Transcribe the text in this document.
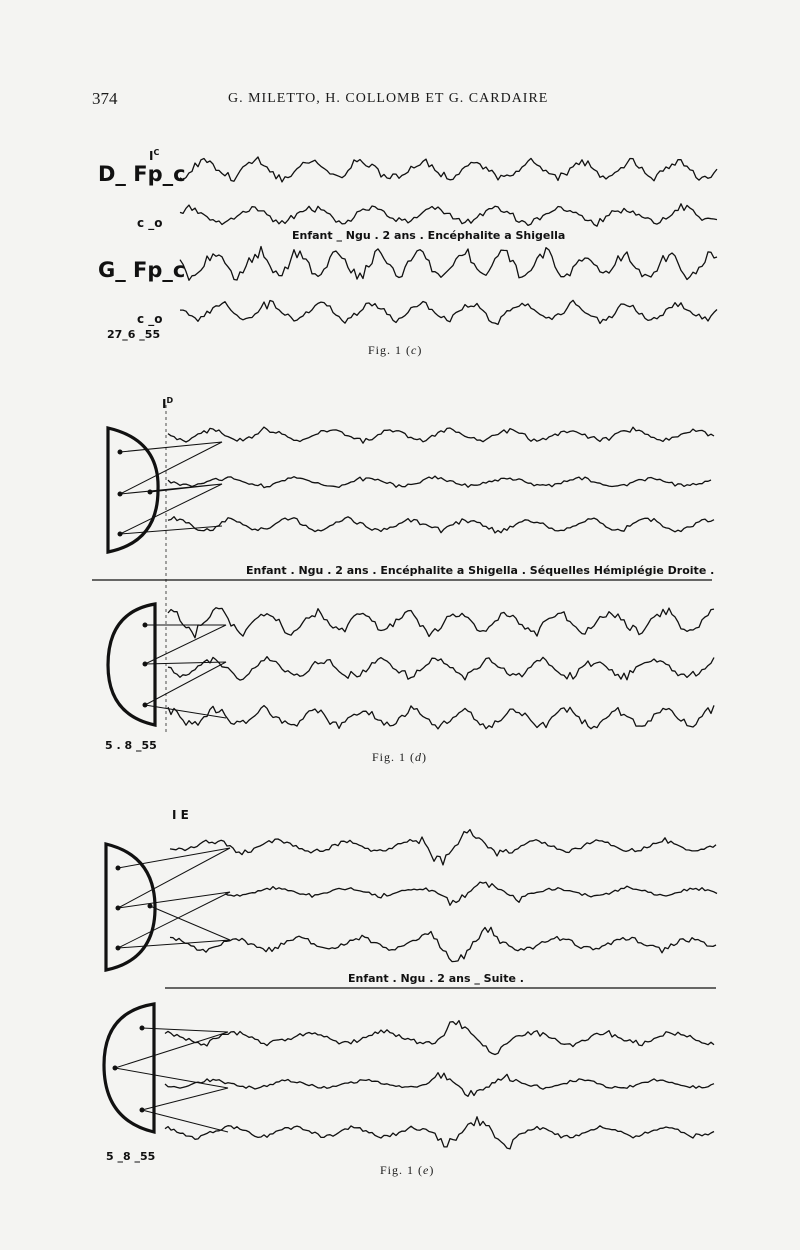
374	G. MILETTO, H. COLLOMB ET G. CARDAIRE
$I^C$
D_ Fp_c
c _o
G_ Fp_c
c _o
27_6 _55
Enfant _ Ngu . 2 ans . Encéphalite a Shigella
Fig. 1 (c)
$I^D$
Enfant . Ngu . 2 ans . Encéphalite a Shigella . Séquelles Hémiplégie Droite .
5 . 8 _55
Fig. 1 (d)
I E
Enfant . Ngu . 2 ans _ Suite .
5 _8 _55
Fig. 1 (e)
